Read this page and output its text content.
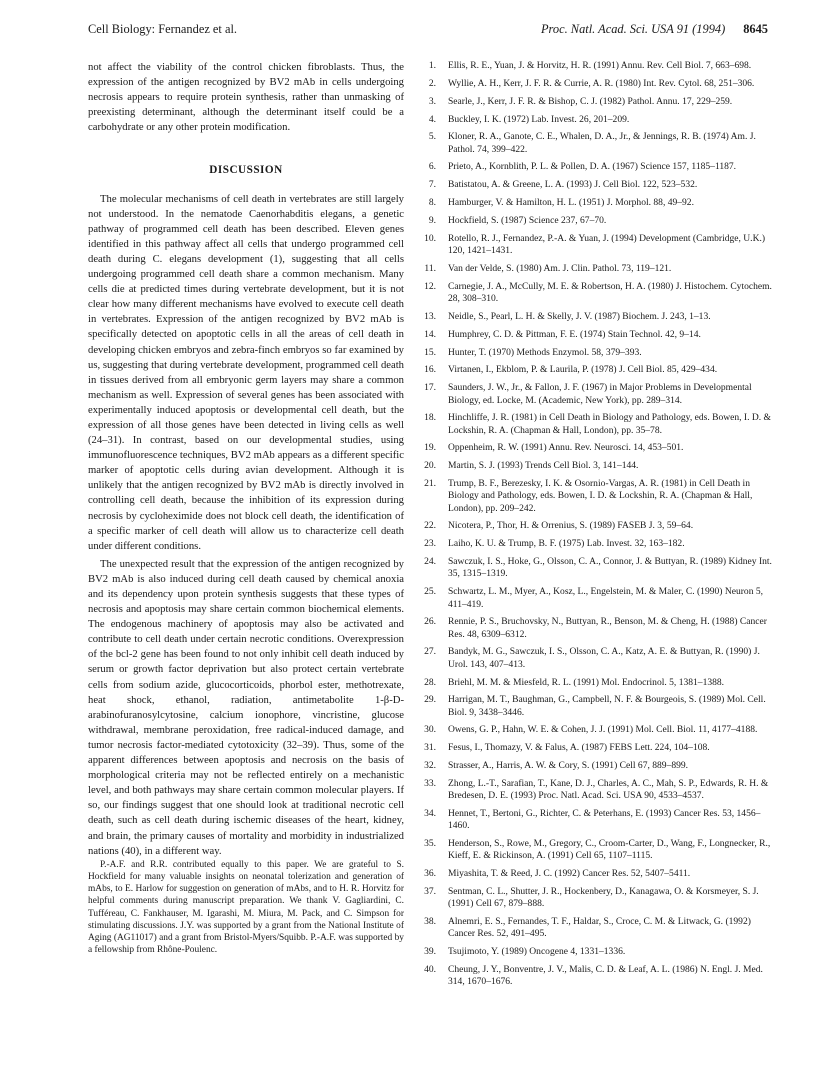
Cell Biology: Fernandez et al.	Proc. Natl. Acad. Sci. USA 91 (1994) 8645

not affect the viability of the control chicken fibroblasts. Thus, the expression of the antigen recognized by BV2 mAb in cells undergoing necrosis appears to require protein synthesis, rather than unmasking of preexisting determinant, although the determinant itself could be a carbohydrate or any other protein modification.

DISCUSSION

The molecular mechanisms of cell death in vertebrates are still largely not understood. In the nematode Caenorhabditis elegans, a genetic pathway of programmed cell death has been described. Eleven genes identified in this pathway affect all cells that undergo programmed cell death during C. elegans development (1), suggesting that all cells undergoing programmed cell death share a common mechanism. Many cells die at predicted times during vertebrate development, but it is not clear how many different mechanisms have evolved to execute cell death in vertebrates. Expression of the antigen recognized by BV2 mAb is specifically detected on apoptotic cells in all the areas of cell death in developing chicken embryos and zebra-finch embryos so far examined by us, suggesting that during vertebrate development, programmed cell death in tissues derived from all embryonic germ layers may share a common mechanism as well. Expression of several genes has been associated with experimentally induced apoptosis or developmental cell death, but the expression of all those genes have been detected in living cells as well (24–31). In contrast, based on our developmental studies, using immunofluorescence techniques, BV2 mAb appears as a different specific marker of apoptotic cells during avian development. Although it is unlikely that the antigen recognized by BV2 mAb is directly involved in controlling cell death, because the inhibition of its expression during necrosis by cycloheximide does not block cell death, the identification of a specific marker of cell death will allow us to characterize cell death under different conditions.

The unexpected result that the expression of the antigen recognized by BV2 mAb is also induced during cell death caused by chemical anoxia and its dependency upon protein synthesis suggests that these types of necrosis and apoptosis may share certain common biochemical elements. The endogenous machinery of apoptosis may also be activated and contribute to cell death under certain necrotic conditions. Overexpression of the bcl-2 gene has been found to not only inhibit cell death induced by serum or growth factor deprivation but also protect certain vertebrate cells from sodium azide, glucocorticoids, phorbol ester, methotrexate, heat shock, ethanol, radiation, antimetabolite 1-β-D-arabinofuranosylcytosine, calcium ionophore, vincristine, glucose withdrawal, membrane peroxidation, free radical-induced damage, and tumor necrosis factor-mediated cytotoxicity (32–39). Thus, some of the apparent differences between apoptosis and necrosis on the basis of morphological criteria may not be reflected entirely on a mechanistic level, and both pathways may share certain common molecular players. If so, our findings suggest that one should look at traditional necrotic cell death, such as cell death during ischemic diseases of the heart, kidney, and brain, the primary causes of mortality and morbidity in industrialized nations (40), in a different way.

P.-A.F. and R.R. contributed equally to this paper. We are grateful to S. Hockfield for many valuable insights on neonatal tolerization and generation of mAbs, to E. Harlow for suggestion on generation of mAbs, and to H. R. Horvitz for helpful comments during manuscript preparation. We thank V. Gagliardini, C. Tufféreau, C. Fankhauser, M. Igarashi, M. Miura, M. Pack, and C. Simpson for stimulating discussions. J.Y. was supported by a grant from the National Institute of Aging (AG11017) and a grant from Bristol-Myers/Squibb. P.-A.F. was supported by a fellowship from Rhône-Poulenc.

1. Ellis, R. E., Yuan, J. & Horvitz, H. R. (1991) Annu. Rev. Cell Biol. 7, 663–698.
2. Wyllie, A. H., Kerr, J. F. R. & Currie, A. R. (1980) Int. Rev. Cytol. 68, 251–306.
3. Searle, J., Kerr, J. F. R. & Bishop, C. J. (1982) Pathol. Annu. 17, 229–259.
4. Buckley, I. K. (1972) Lab. Invest. 26, 201–209.
5. Kloner, R. A., Ganote, C. E., Whalen, D. A., Jr., & Jennings, R. B. (1974) Am. J. Pathol. 74, 399–422.
6. Prieto, A., Kornblith, P. L. & Pollen, D. A. (1967) Science 157, 1185–1187.
7. Batistatou, A. & Greene, L. A. (1993) J. Cell Biol. 122, 523–532.
8. Hamburger, V. & Hamilton, H. L. (1951) J. Morphol. 88, 49–92.
9. Hockfield, S. (1987) Science 237, 67–70.
10. Rotello, R. J., Fernandez, P.-A. & Yuan, J. (1994) Development (Cambridge, U.K.) 120, 1421–1431.
11. Van der Velde, S. (1980) Am. J. Clin. Pathol. 73, 119–121.
12. Carnegie, J. A., McCully, M. E. & Robertson, H. A. (1980) J. Histochem. Cytochem. 28, 308–310.
13. Neidle, S., Pearl, L. H. & Skelly, J. V. (1987) Biochem. J. 243, 1–13.
14. Humphrey, C. D. & Pittman, F. E. (1974) Stain Technol. 42, 9–14.
15. Hunter, T. (1970) Methods Enzymol. 58, 379–393.
16. Virtanen, I., Ekblom, P. & Laurila, P. (1978) J. Cell Biol. 85, 429–434.
17. Saunders, J. W., Jr., & Fallon, J. F. (1967) in Major Problems in Developmental Biology, ed. Locke, M. (Academic, New York), pp. 289–314.
18. Hinchliffe, J. R. (1981) in Cell Death in Biology and Pathology, eds. Bowen, I. D. & Lockshin, R. A. (Chapman & Hall, London), pp. 35–78.
19. Oppenheim, R. W. (1991) Annu. Rev. Neurosci. 14, 453–501.
20. Martin, S. J. (1993) Trends Cell Biol. 3, 141–144.
21. Trump, B. F., Berezesky, I. K. & Osornio-Vargas, A. R. (1981) in Cell Death in Biology and Pathology, eds. Bowen, I. D. & Lockshin, R. A. (Chapman & Hall, London), pp. 209–242.
22. Nicotera, P., Thor, H. & Orrenius, S. (1989) FASEB J. 3, 59–64.
23. Laiho, K. U. & Trump, B. F. (1975) Lab. Invest. 32, 163–182.
24. Sawczuk, I. S., Hoke, G., Olsson, C. A., Connor, J. & Buttyan, R. (1989) Kidney Int. 35, 1315–1319.
25. Schwartz, L. M., Myer, A., Kosz, L., Engelstein, M. & Maler, C. (1990) Neuron 5, 411–419.
26. Rennie, P. S., Bruchovsky, N., Buttyan, R., Benson, M. & Cheng, H. (1988) Cancer Res. 48, 6309–6312.
27. Bandyk, M. G., Sawczuk, I. S., Olsson, C. A., Katz, A. E. & Buttyan, R. (1990) J. Urol. 143, 407–413.
28. Briehl, M. M. & Miesfeld, R. L. (1991) Mol. Endocrinol. 5, 1381–1388.
29. Harrigan, M. T., Baughman, G., Campbell, N. F. & Bourgeois, S. (1989) Mol. Cell. Biol. 9, 3438–3446.
30. Owens, G. P., Hahn, W. E. & Cohen, J. J. (1991) Mol. Cell. Biol. 11, 4177–4188.
31. Fesus, I., Thomazy, V. & Falus, A. (1987) FEBS Lett. 224, 104–108.
32. Strasser, A., Harris, A. W. & Cory, S. (1991) Cell 67, 889–899.
33. Zhong, L.-T., Sarafian, T., Kane, D. J., Charles, A. C., Mah, S. P., Edwards, R. H. & Bredesen, D. E. (1993) Proc. Natl. Acad. Sci. USA 90, 4533–4537.
34. Hennet, T., Bertoni, G., Richter, C. & Peterhans, E. (1993) Cancer Res. 53, 1456–1460.
35. Henderson, S., Rowe, M., Gregory, C., Croom-Carter, D., Wang, F., Longnecker, R., Kieff, E. & Rickinson, A. (1991) Cell 65, 1107–1115.
36. Miyashita, T. & Reed, J. C. (1992) Cancer Res. 52, 5407–5411.
37. Sentman, C. L., Shutter, J. R., Hockenbery, D., Kanagawa, O. & Korsmeyer, S. J. (1991) Cell 67, 879–888.
38. Alnemri, E. S., Fernandes, T. F., Haldar, S., Croce, C. M. & Litwack, G. (1992) Cancer Res. 52, 491–495.
39. Tsujimoto, Y. (1989) Oncogene 4, 1331–1336.
40. Cheung, J. Y., Bonventre, J. V., Malis, C. D. & Leaf, A. L. (1986) N. Engl. J. Med. 314, 1670–1676.
